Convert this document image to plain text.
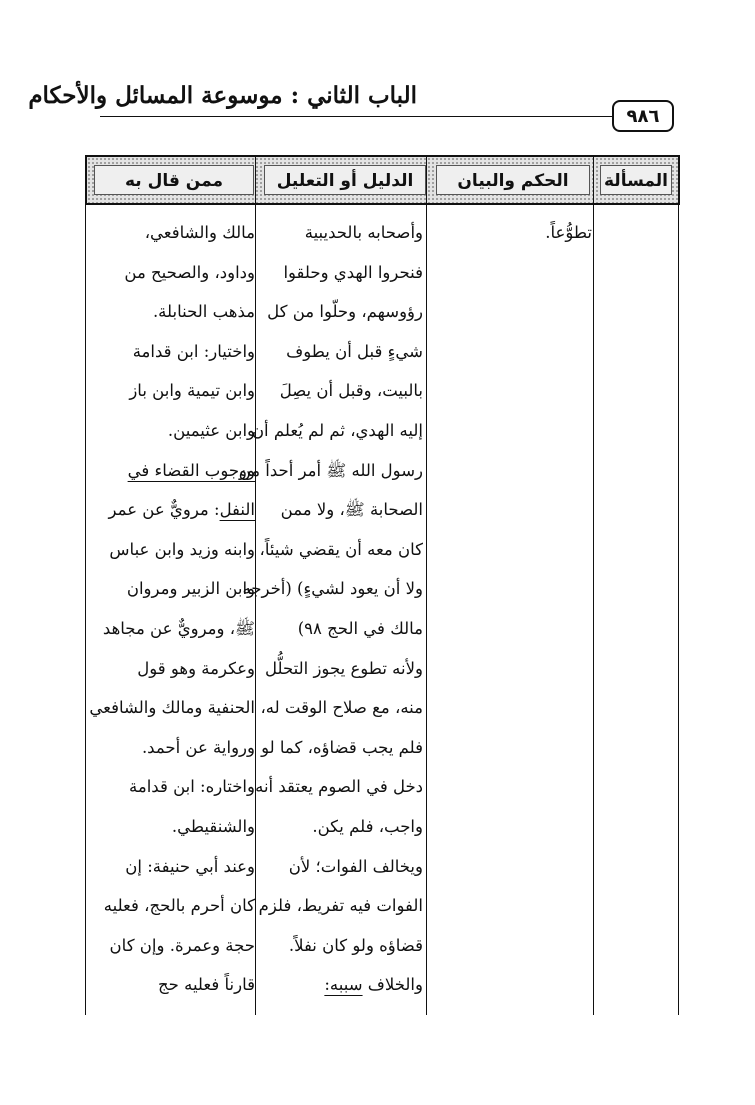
الباب الثاني : موسوعة المسائل والأحكام
٩٨٦
المسألة
الحكم والبيان
الدليل أو التعليل
ممن قال به
تطوُّعاً.
وأصحابه بالحديبية
فنحروا الهدي وحلقوا
رؤوسهم، وحلّوا من كل
شيءٍ قبل أن يطوف
بالبيت، وقبل أن يصِلَ
إليه الهدي، ثم لم يُعلم أن
رسول الله ﷺ أمر أحداً من
الصحابة ﷺ، ولا ممن
كان معه أن يقضي شيئاً،
ولا أن يعود لشيءٍ) (أخرجه
مالك في الحج ٩٨)
ولأنه تطوع يجوز التحلُّل
منه، مع صلاح الوقت له،
فلم يجب قضاؤه، كما لو
دخل في الصوم يعتقد أنه
واجب، فلم يكن.
ويخالف الفوات؛ لأن
الفوات فيه تفريط، فلزم
قضاؤه ولو كان نفلاً.
والخلاف سببه:
مالك والشافعي،
وداود، والصحيح من
مذهب الحنابلة.
واختيار: ابن قدامة
وابن تيمية وابن باز
وابن عثيمين.
ووجوب القضاء في
النفل: مرويٌّ عن عمر
وابنه وزيد وابن عباس
وابن الزبير ومروان
ﷺ، ومرويٌّ عن مجاهد
وعكرمة وهو قول
الحنفية ومالك والشافعي
ورواية عن أحمد.
واختاره: ابن قدامة
والشنقيطي.
وعند أبي حنيفة: إن
كان أحرم بالحج، فعليه
حجة وعمرة. وإن كان
قارناً فعليه حج
